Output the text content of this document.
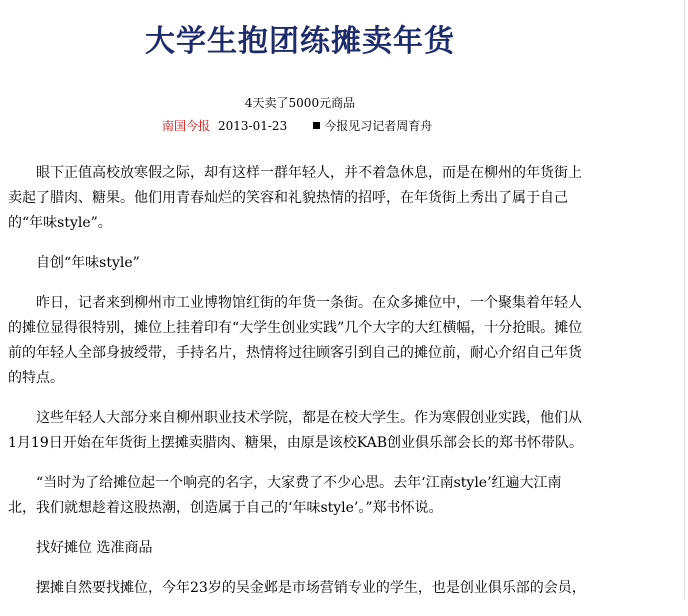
大学生抱团练摊卖年货
4天卖了5000元商品
南国今报 2013-01-23	今报见习记者周育舟

眼下正值高校放寒假之际，却有这样一群年轻人，并不着急休息，而是在柳州的年货街上卖起了腊肉、糖果。他们用青春灿烂的笑容和礼貌热情的招呼，在年货街上秀出了属于自己的“年味style”。

自创“年味style”

昨日，记者来到柳州市工业博物馆红街的年货一条街。在众多摊位中，一个聚集着年轻人的摊位显得很特别，摊位上挂着印有“大学生创业实践”几个大字的大红横幅，十分抢眼。摊位前的年轻人全部身披绶带，手持名片，热情将过往顾客引到自己的摊位前，耐心介绍自己年货的特点。

这些年轻人大部分来自柳州职业技术学院，都是在校大学生。作为寒假创业实践，他们从1月19日开始在年货街上摆摊卖腊肉、糖果，由原是该校KAB创业俱乐部会长的郑书怀带队。

“当时为了给摊位起一个响亮的名字，大家费了不少心思。去年‘江南style’红遍大江南北，我们就想趁着这股热潮，创造属于自己的‘年味style’。”郑书怀说。

找好摊位 选准商品

摆摊自然要找摊位，今年23岁的吴金邺是市场营销专业的学生，也是创业俱乐部的会员，
